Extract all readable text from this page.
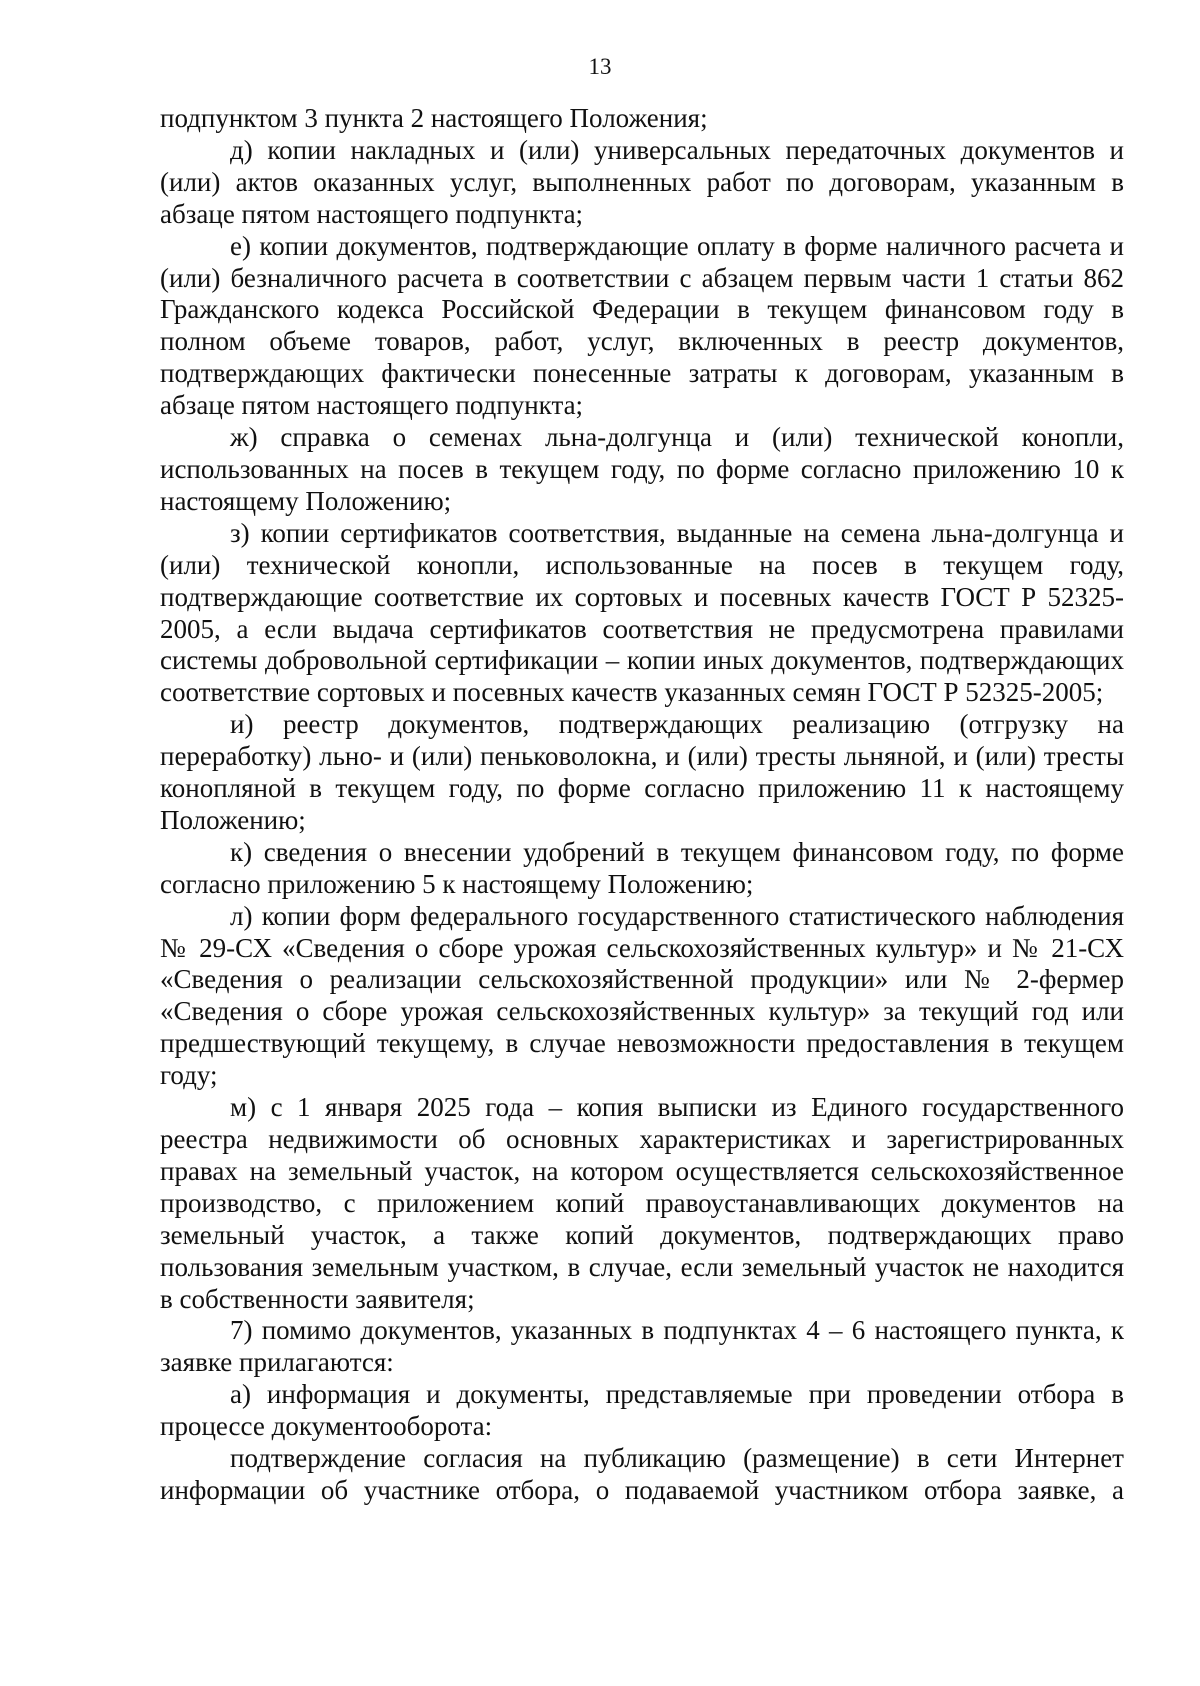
13

подпунктом 3 пункта 2 настоящего Положения;

д) копии накладных и (или) универсальных передаточных документов и (или) актов оказанных услуг, выполненных работ по договорам, указанным в абзаце пятом настоящего подпункта;

е) копии документов, подтверждающие оплату в форме наличного расчета и (или) безналичного расчета в соответствии с абзацем первым части 1 статьи 862 Гражданского кодекса Российской Федерации в текущем финансовом году в полном объеме товаров, работ, услуг, включенных в реестр документов, подтверждающих фактически понесенные затраты к договорам, указанным в абзаце пятом настоящего подпункта;

ж) справка о семенах льна-долгунца и (или) технической конопли, использованных на посев в текущем году, по форме согласно приложению 10 к настоящему Положению;

з) копии сертификатов соответствия, выданные на семена льна-долгунца и (или) технической конопли, использованные на посев в текущем году, подтверждающие соответствие их сортовых и посевных качеств ГОСТ Р 52325-2005, а если выдача сертификатов соответствия не предусмотрена правилами системы добровольной сертификации – копии иных документов, подтверждающих соответствие сортовых и посевных качеств указанных семян ГОСТ Р 52325-2005;

и) реестр документов, подтверждающих реализацию (отгрузку на переработку) льно- и (или) пеньковолокна, и (или) тресты льняной, и (или) тресты конопляной в текущем году, по форме согласно приложению 11 к настоящему Положению;

к) сведения о внесении удобрений в текущем финансовом году, по форме согласно приложению 5 к настоящему Положению;

л) копии форм федерального государственного статистического наблюдения № 29-СХ «Сведения о сборе урожая сельскохозяйственных культур» и № 21-СХ «Сведения о реализации сельскохозяйственной продукции» или № 2-фермер «Сведения о сборе урожая сельскохозяйственных культур» за текущий год или предшествующий текущему, в случае невозможности предоставления в текущем году;

м) с 1 января 2025 года – копия выписки из Единого государственного реестра недвижимости об основных характеристиках и зарегистрированных правах на земельный участок, на котором осуществляется сельскохозяйственное производство, с приложением копий правоустанавливающих документов на земельный участок, а также копий документов, подтверждающих право пользования земельным участком, в случае, если земельный участок не находится в собственности заявителя;

7) помимо документов, указанных в подпунктах 4 – 6 настоящего пункта, к заявке прилагаются:

а) информация и документы, представляемые при проведении отбора в процессе документооборота:

подтверждение согласия на публикацию (размещение) в сети Интернет информации об участнике отбора, о подаваемой участником отбора заявке, а
